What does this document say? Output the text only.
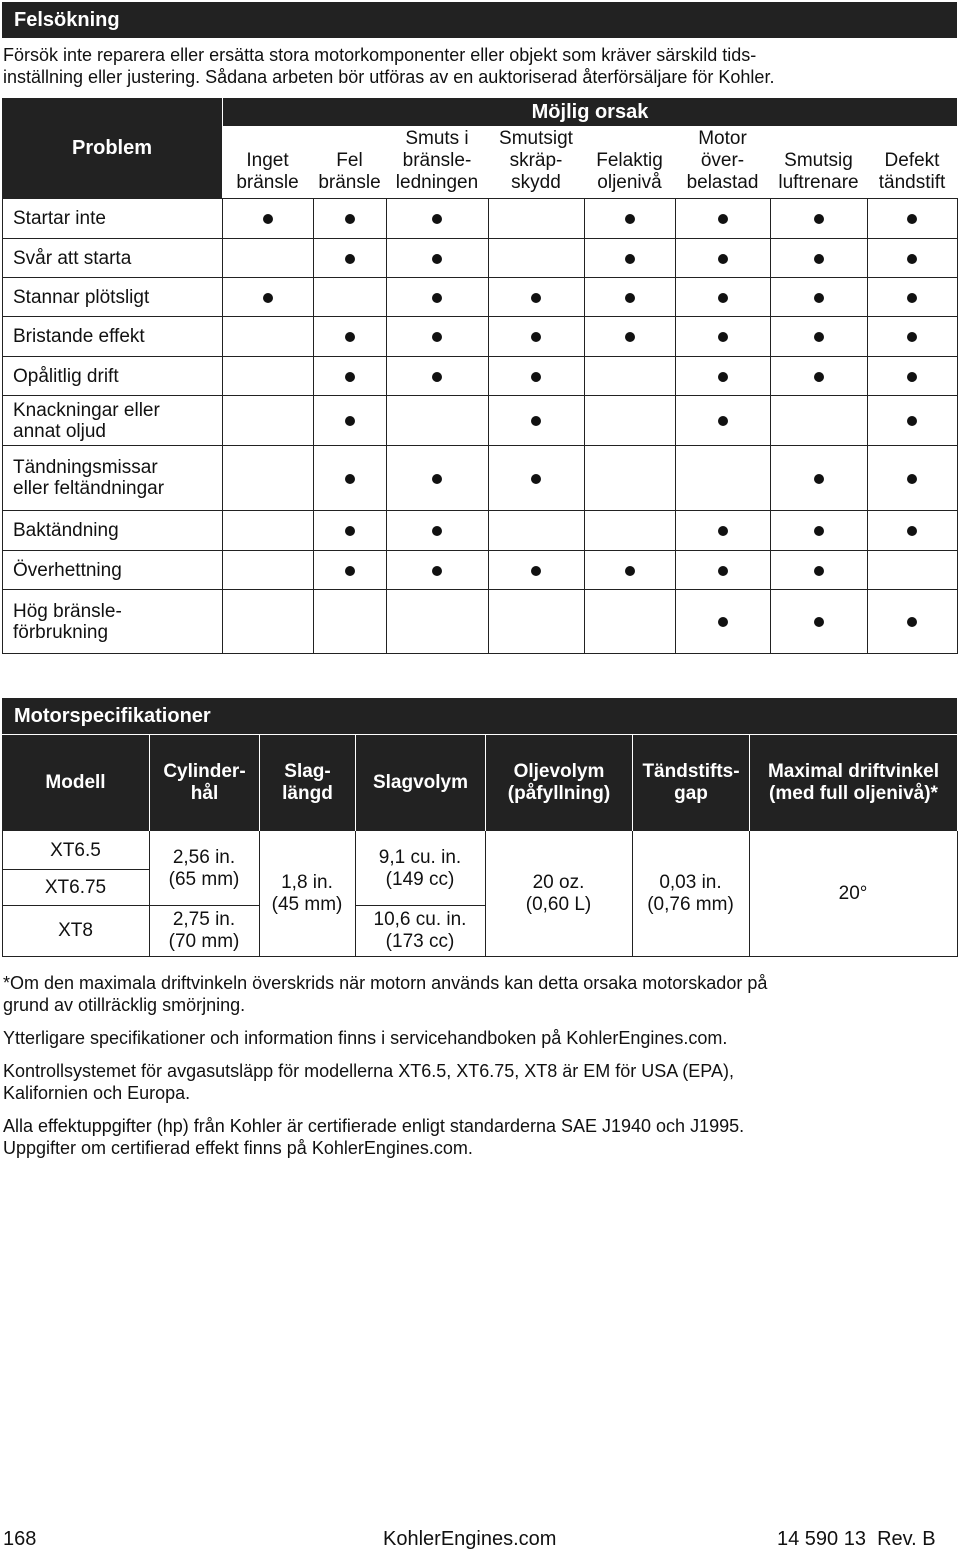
Felsökning
Försök inte reparera eller ersätta stora motorkomponenter eller objekt som kräver särskild tids-
inställning eller justering. Sådana arbeten bör utföras av en auktoriserad återförsäljare för Kohler.
Problem
Möjlig orsak
Inget
bränsle
Fel
bränsle
Smuts i
bränsle-
ledningen
Smutsigt
skräp-
skydd
Felaktig
oljenivå
Motor
över-
belastad
Smutsig
luftrenare
Defekt
tändstift
Startar inte
Svår att starta
Stannar plötsligt
Bristande effekt
Opålitlig drift
Knackningar eller
annat oljud
Tändningsmissar
eller feltändningar
Baktändning
Överhettning
Hög bränsle-
förbrukning
Motorspecifikationer
Modell
Cylinder-
hål
Slag-
längd
Slagvolym
Oljevolym
(påfyllning)
Tändstifts-
gap
Maximal driftvinkel
(med full oljenivå)*
XT6.5
XT6.75
XT8
2,56 in.
(65 mm)
2,75 in.
(70 mm)
9,1 cu. in.
(149 cc)
10,6 cu. in.
(173 cc)
1,8 in.
(45 mm)
20 oz.
(0,60 L)
0,03 in.
(0,76 mm)
20°
*Om den maximala driftvinkeln överskrids när motorn används kan detta orsaka motorskador på
grund av otillräcklig smörjning.
Ytterligare specifikationer och information finns i servicehandboken på KohlerEngines.com.
Kontrollsystemet för avgasutsläpp för modellerna XT6.5, XT6.75, XT8 är EM för USA (EPA),
Kalifornien och Europa.
Alla effektuppgifter (hp) från Kohler är certifierade enligt standarderna SAE J1940 och J1995.
Uppgifter om certifierad effekt finns på KohlerEngines.com.
168	KohlerEngines.com	14 590 13  Rev. B
